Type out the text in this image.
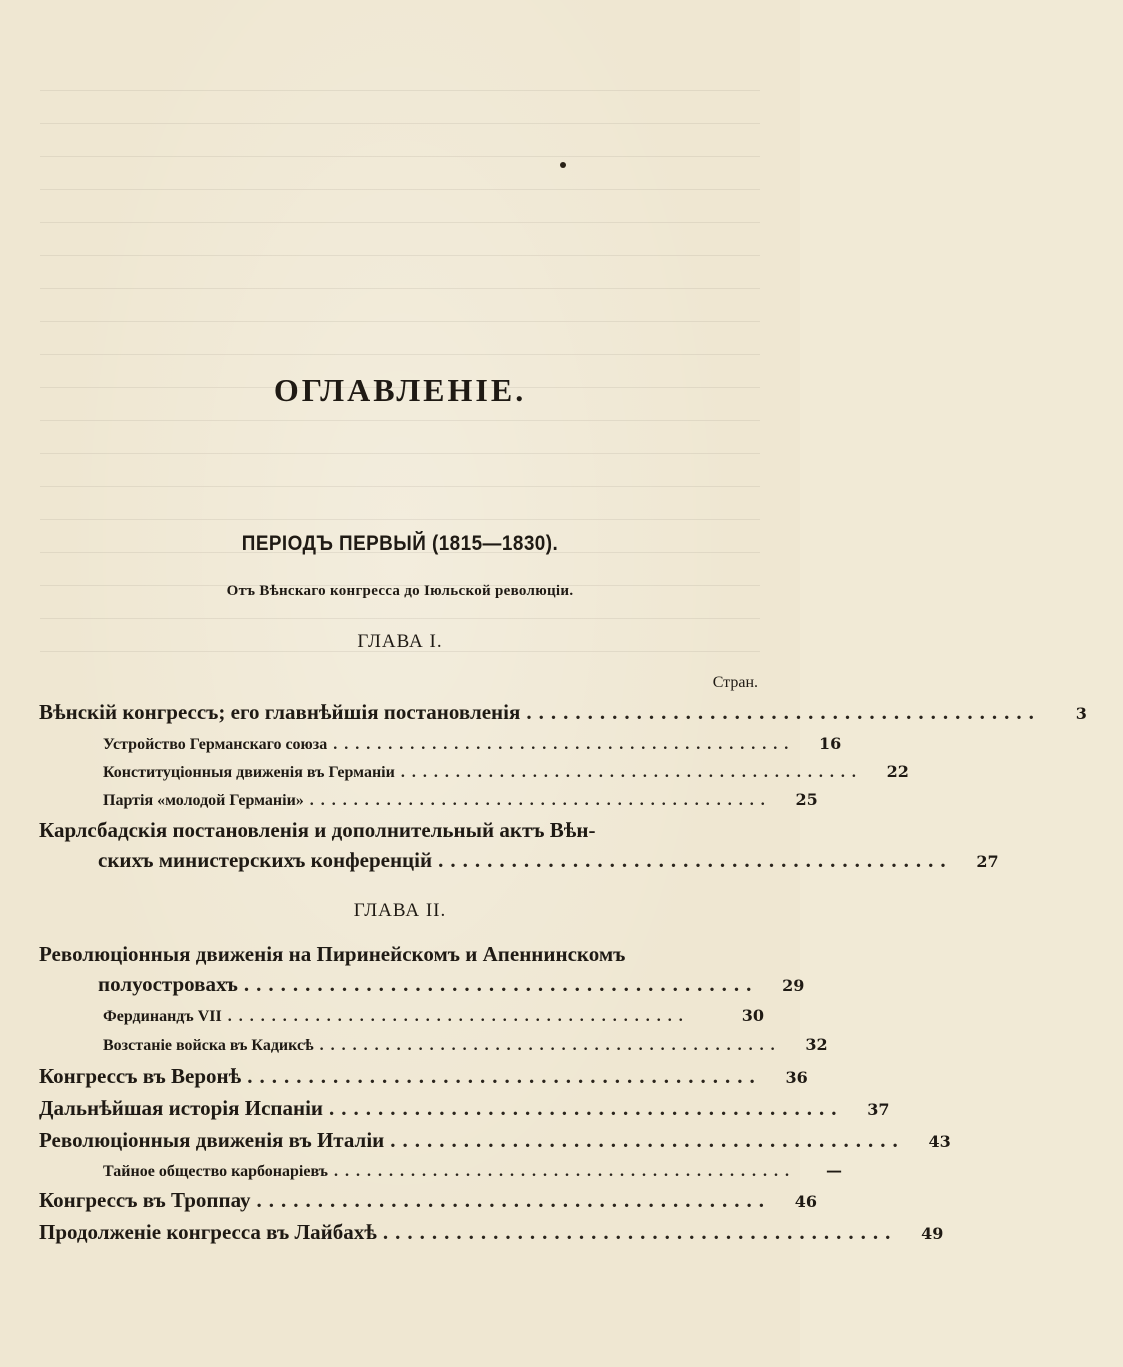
ОГЛАВЛЕНІЕ.
ПЕРІОДЪ ПЕРВЫЙ (1815—1830).
Отъ Вѣнскаго конгресса до Іюльской революціи.
ГЛАВА I.
Стран.
Вѣнскій конгрессъ; его главнѣйшія постановленія ..........................................	3
Устройство Германскаго союза ..........................................	16
Конституціонныя движенія въ Германіи ..........................................	22
Партія «молодой Германіи» ..........................................	25
Карлсбадскія постановленія и дополнительный актъ Вѣн-
скихъ министерскихъ конференцій ..........................................	27
ГЛАВА II.
Революціонныя движенія на Пиринейскомъ и Апеннинскомъ
полуостровахъ ..........................................	29
Фердинандъ VII ..........................................	30
Возстаніе войска въ Кадиксѣ ..........................................	32
Конгрессъ въ Веронѣ ..........................................	36
Дальнѣйшая исторія Испаніи ..........................................	37
Революціонныя движенія въ Италіи ..........................................	43
Тайное общество карбонаріевъ ..........................................	—
Конгрессъ въ Троппау ..........................................	46
Продолженіе конгресса въ Лайбахѣ ..........................................	49
